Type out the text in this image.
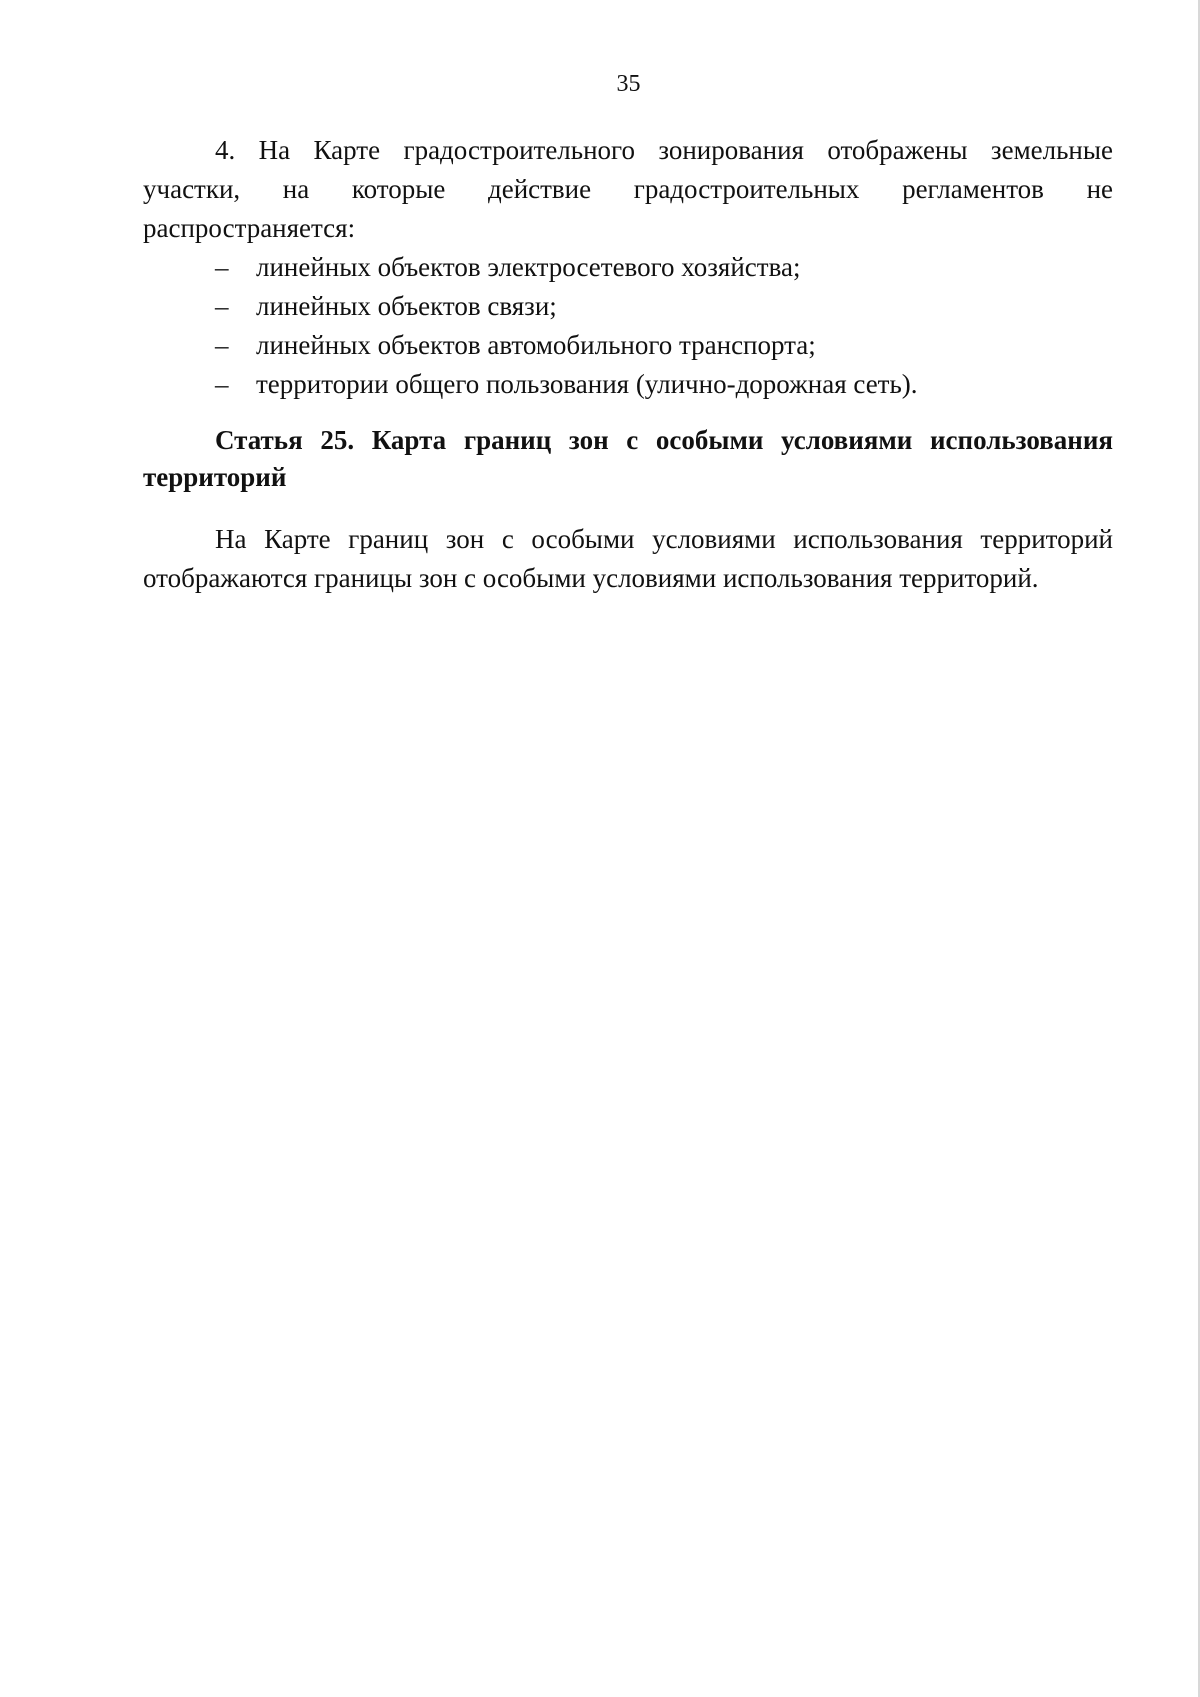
35
4. На Карте градостроительного зонирования отображены земельные
участки, на которые действие градостроительных регламентов не
распространяется:
– линейных объектов электросетевого хозяйства;
– линейных объектов связи;
– линейных объектов автомобильного транспорта;
– территории общего пользования (улично-дорожная сеть).
Статья 25. Карта границ зон с особыми условиями использования
территорий
На Карте границ зон с особыми условиями использования территорий
отображаются границы зон с особыми условиями использования территорий.
